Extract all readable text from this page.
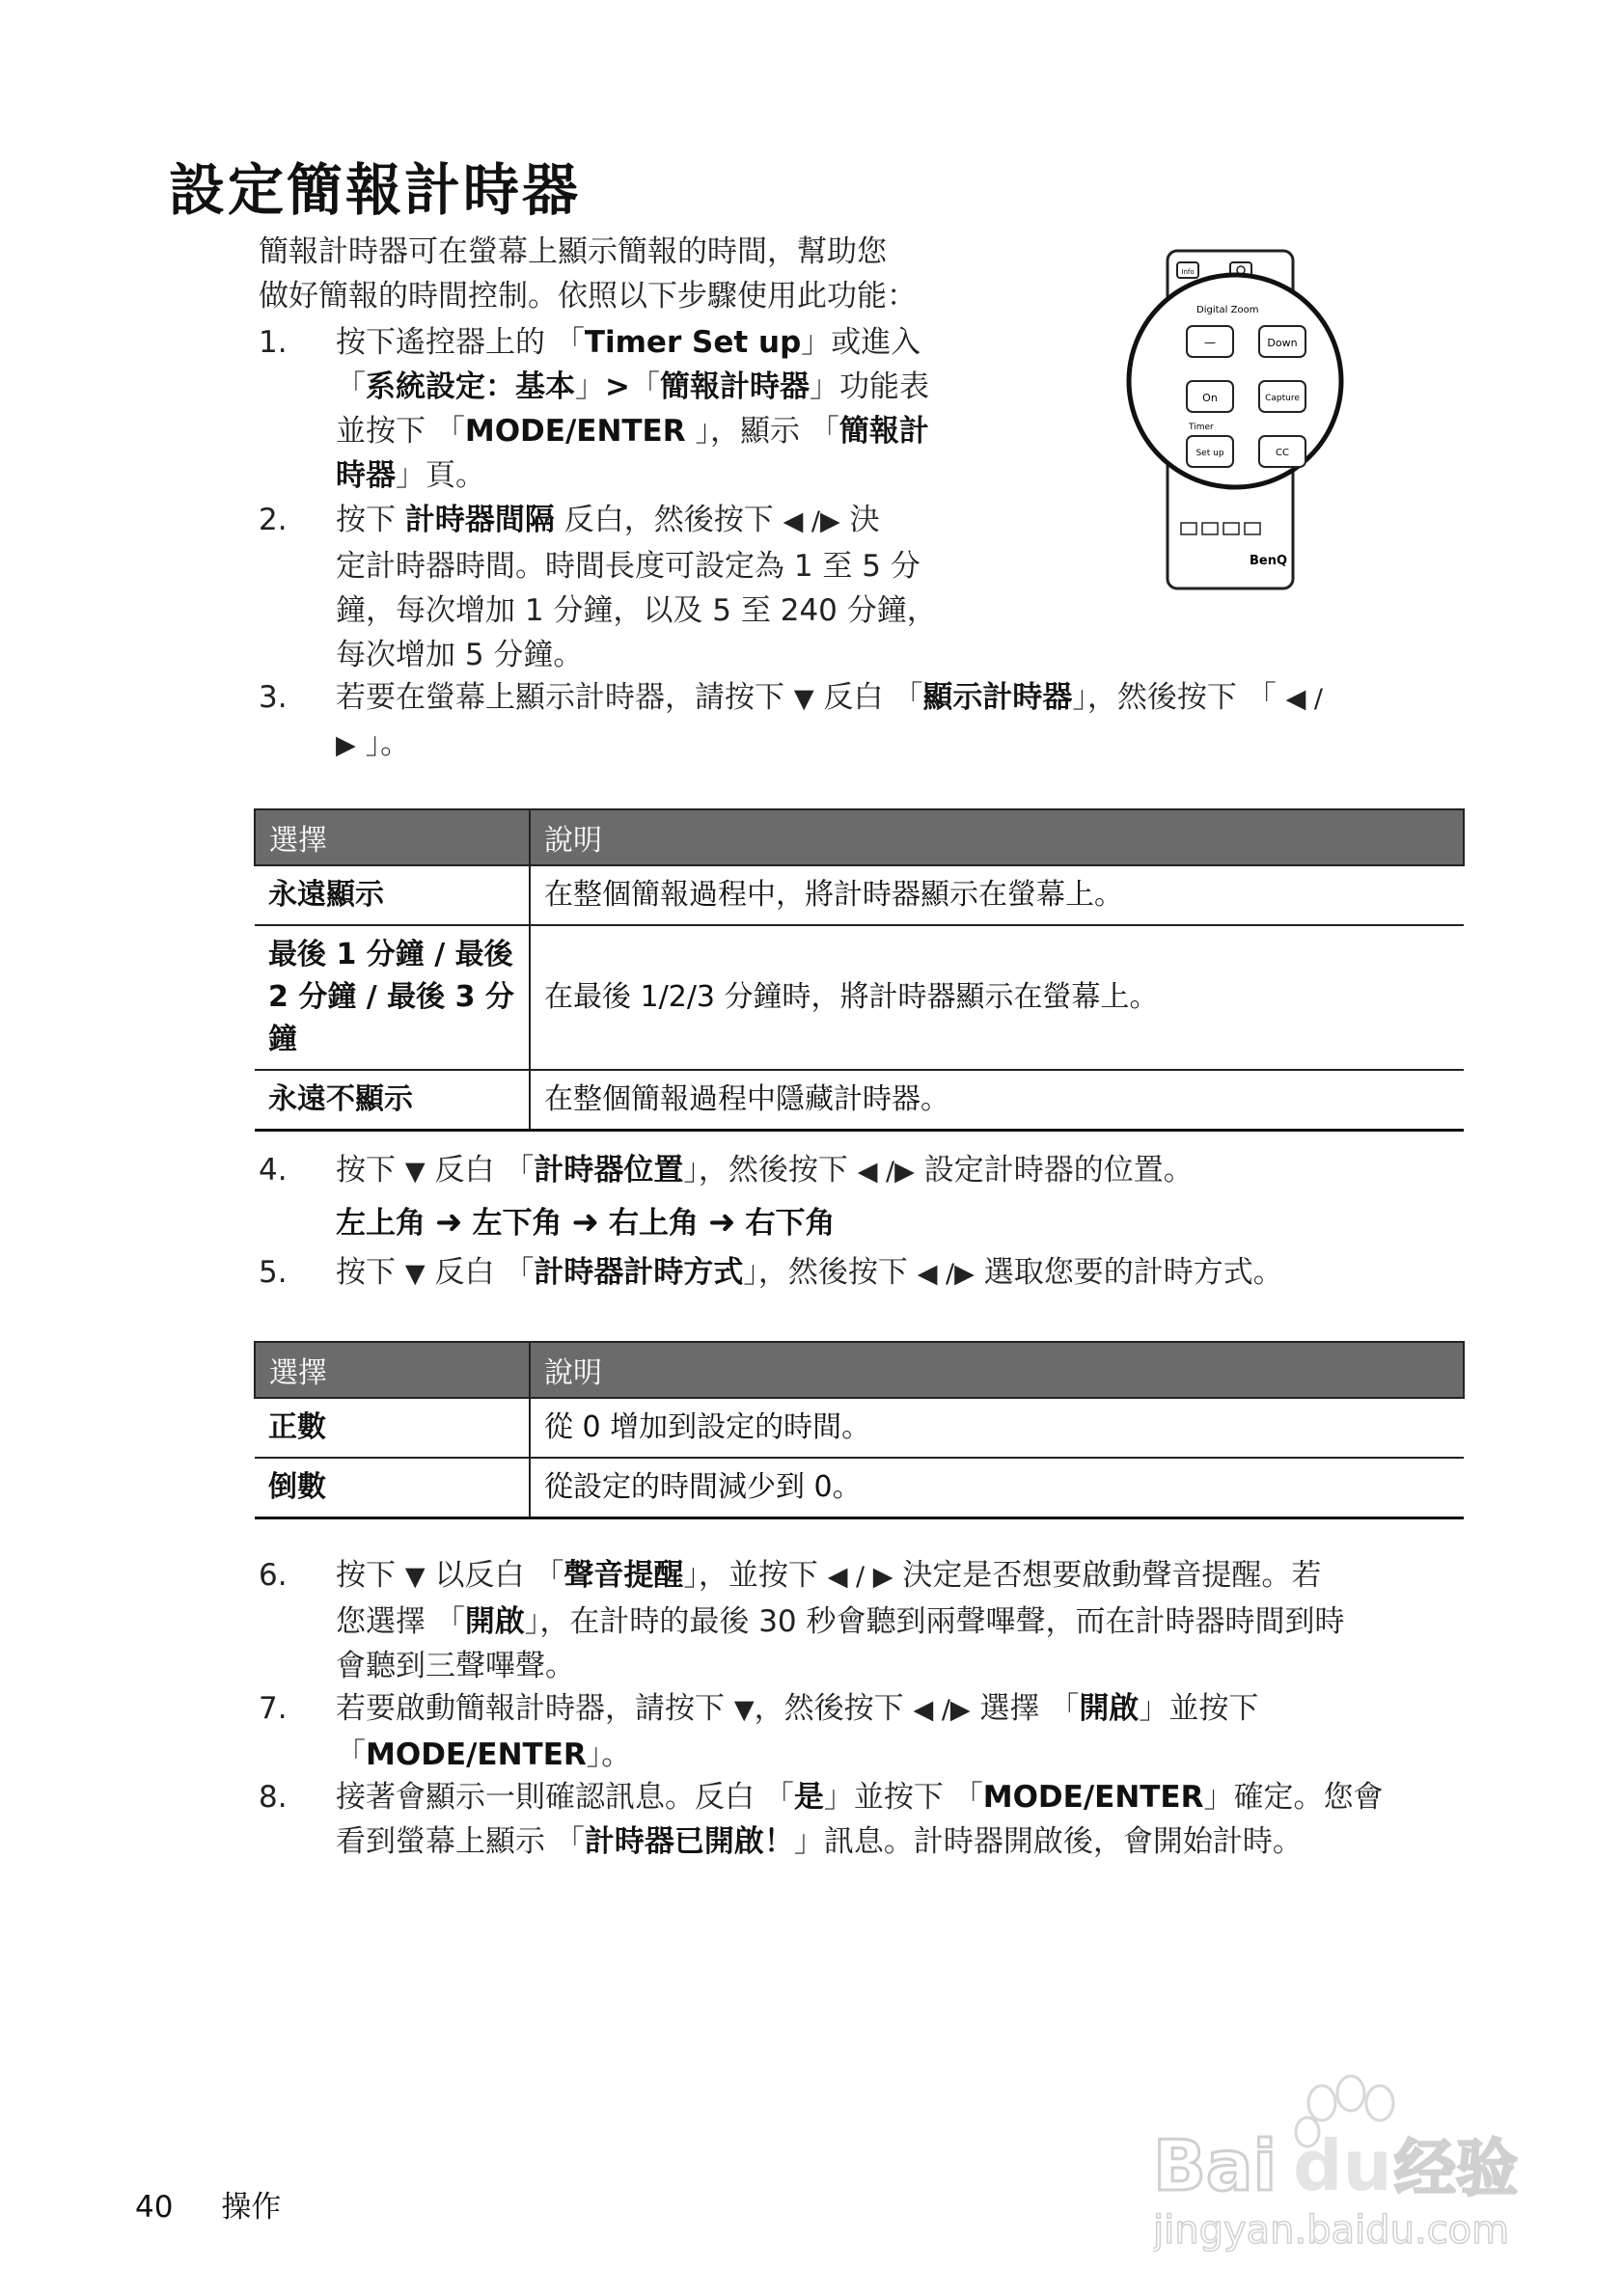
設定簡報計時器
簡報計時器可在螢幕上顯示簡報的時間，幫助您
做好簡報的時間控制。依照以下步驟使用此功能：
Info
Digital Zoom
—	Down
On	Capture
Timer
Set up	CC
BenQ
1.	按下遙控器上的 「Timer Set up」或進入
「系統設定：基本」>「簡報計時器」功能表
並按下 「MODE/ENTER 」，顯示 「簡報計
時器」頁。
2.	按下 計時器間隔 反白，然後按下 ◀ /▶ 決
定計時器時間。時間長度可設定為 1 至 5 分
鐘，每次增加 1 分鐘，以及 5 至 240 分鐘，
每次增加 5 分鐘。
3.	若要在螢幕上顯示計時器，請按下 ▼ 反白 「顯示計時器」，然後按下 「 ◀ /
▶ 」。
選擇	說明
永遠顯示	在整個簡報過程中，將計時器顯示在螢幕上。
最後 1 分鐘 / 最後 2 分鐘 / 最後 3 分鐘	在最後 1/2/3 分鐘時，將計時器顯示在螢幕上。
永遠不顯示	在整個簡報過程中隱藏計時器。
4.	按下 ▼ 反白 「計時器位置」，然後按下 ◀ /▶ 設定計時器的位置。
左上角 ➜ 左下角 ➜ 右上角 ➜ 右下角
5.	按下 ▼ 反白 「計時器計時方式」，然後按下 ◀ /▶ 選取您要的計時方式。
選擇	說明
正數	從 0 增加到設定的時間。
倒數	從設定的時間減少到 0。
6.	按下 ▼ 以反白 「聲音提醒」，並按下 ◀ / ▶ 決定是否想要啟動聲音提醒。若
您選擇 「開啟」，在計時的最後 30 秒會聽到兩聲嗶聲，而在計時器時間到時
會聽到三聲嗶聲。
7.	若要啟動簡報計時器，請按下 ▼，然後按下 ◀ /▶ 選擇 「開啟」並按下
「MODE/ENTER」。
8.	接著會顯示一則確認訊息。反白 「是」並按下 「MODE/ENTER」確定。您會
看到螢幕上顯示 「計時器已開啟！」訊息。計時器開啟後，會開始計時。
40 操作
Bai du 经验
jingyan.baidu.com
